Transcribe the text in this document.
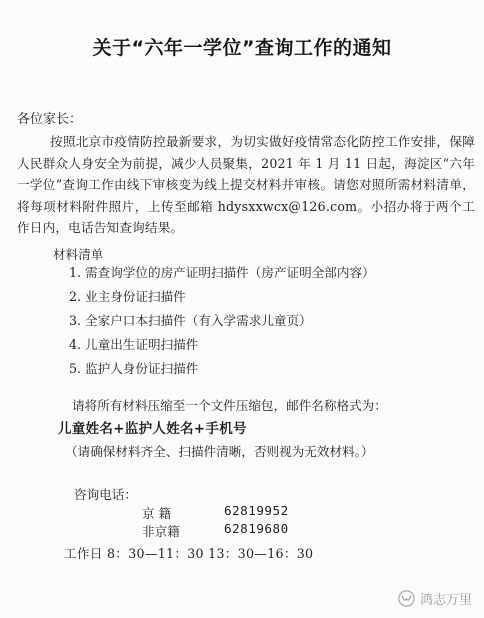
关于“六年一学位”查询工作的通知
各位家长：
按照北京市疫情防控最新要求，为切实做好疫情常态化防控工作安排，保障人民群众人身安全为前提，减少人员聚集，2021 年 1 月 11 日起，海淀区“六年一学位”查询工作由线下审核变为线上提交材料并审核。请您对照所需材料清单，将每项材料附件照片，上传至邮箱 hdysxxwcx@126.com。小招办将于两个工作日内，电话告知查询结果。
材料清单
1. 需查询学位的房产证明扫描件（房产证明全部内容）
2. 业主身份证扫描件
3. 全家户口本扫描件（有入学需求儿童页）
4. 儿童出生证明扫描件
5. 监护人身份证扫描件
请将所有材料压缩至一个文件压缩包，邮件名称格式为：
儿童姓名+监护人姓名+手机号
（请确保材料齐全、扫描件清晰，否则视为无效材料。）
咨询电话：
京 籍	62819952
非京籍	62819680
工作日 8：30—11：30 13：30—16：30
鸿志万里
